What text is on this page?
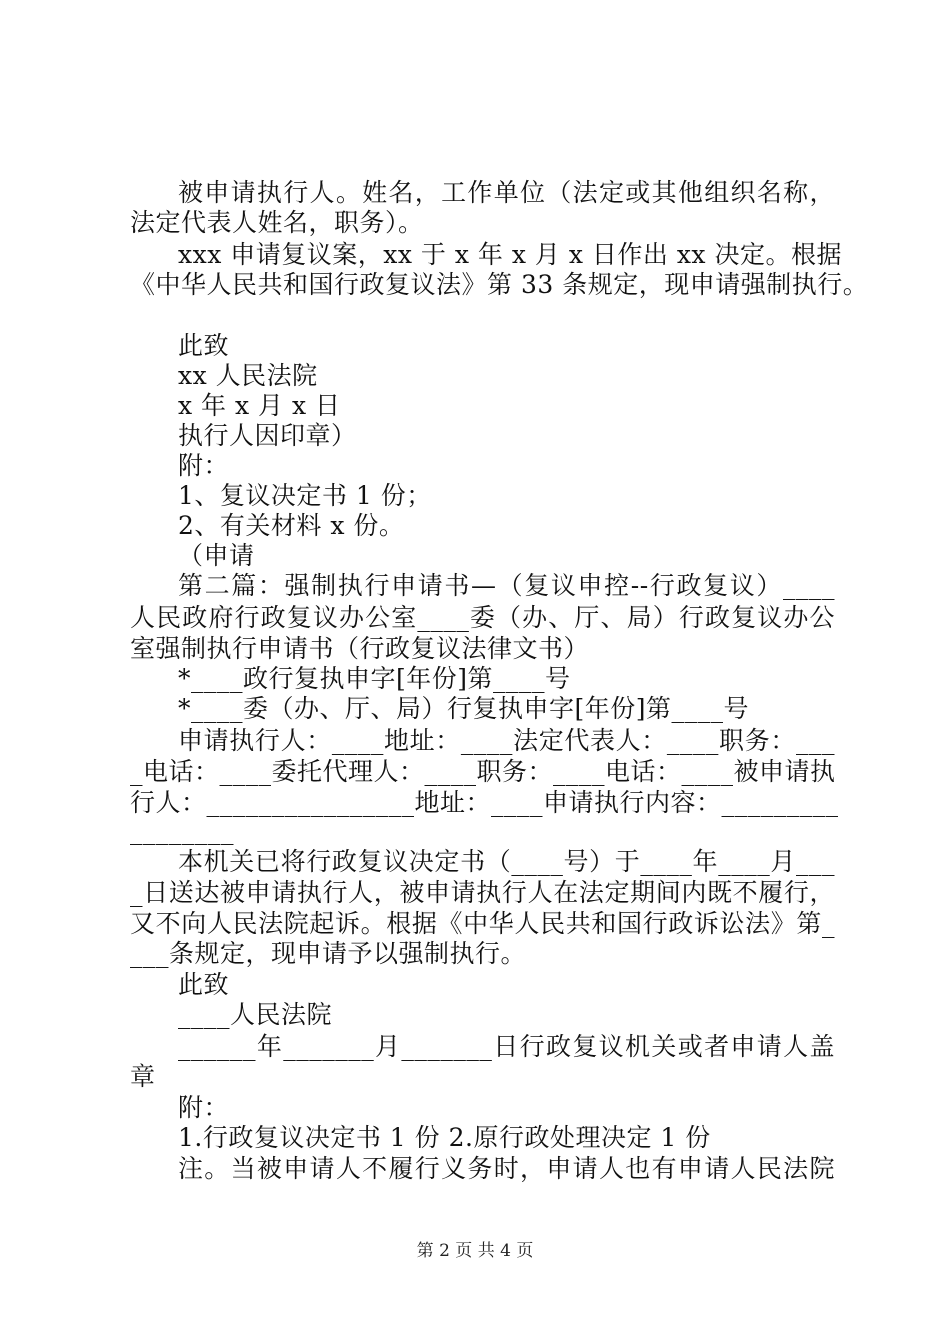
被申请执行人。姓名，工作单位（法定或其他组织名称，
法定代表人姓名，职务）。
xxx 申请复议案，xx 于 x 年 x 月 x 日作出 xx 决定。根据
《中华人民共和国行政复议法》第 33 条规定，现申请强制执行。
此致
xx 人民法院
x 年 x 月 x 日
执行人因印章）
附：
1、复议决定书 1 份；
2、有关材料 x 份。
（申请
第二篇：强制执行申请书—（复议申控--行政复议）____
人民政府行政复议办公室____委（办、厅、局）行政复议办公
室强制执行申请书（行政复议法律文书）
*____政行复执申字[年份]第____号
*____委（办、厅、局）行复执申字[年份]第____号
申请执行人：____地址：____法定代表人：____职务：___
_电话：____委托代理人：____职务：____电话：____被申请执
行人：________________地址：____申请执行内容：_________
________
本机关已将行政复议决定书（____号）于____年____月___
_日送达被申请执行人，被申请执行人在法定期间内既不履行，
又不向人民法院起诉。根据《中华人民共和国行政诉讼法》第_
___条规定，现申请予以强制执行。
此致
____人民法院
______年_______月_______日行政复议机关或者申请人盖
章
附：
1.行政复议决定书 1 份 2.原行政处理决定 1 份
注。当被申请人不履行义务时，申请人也有申请人民法院
第 2 页 共 4 页
